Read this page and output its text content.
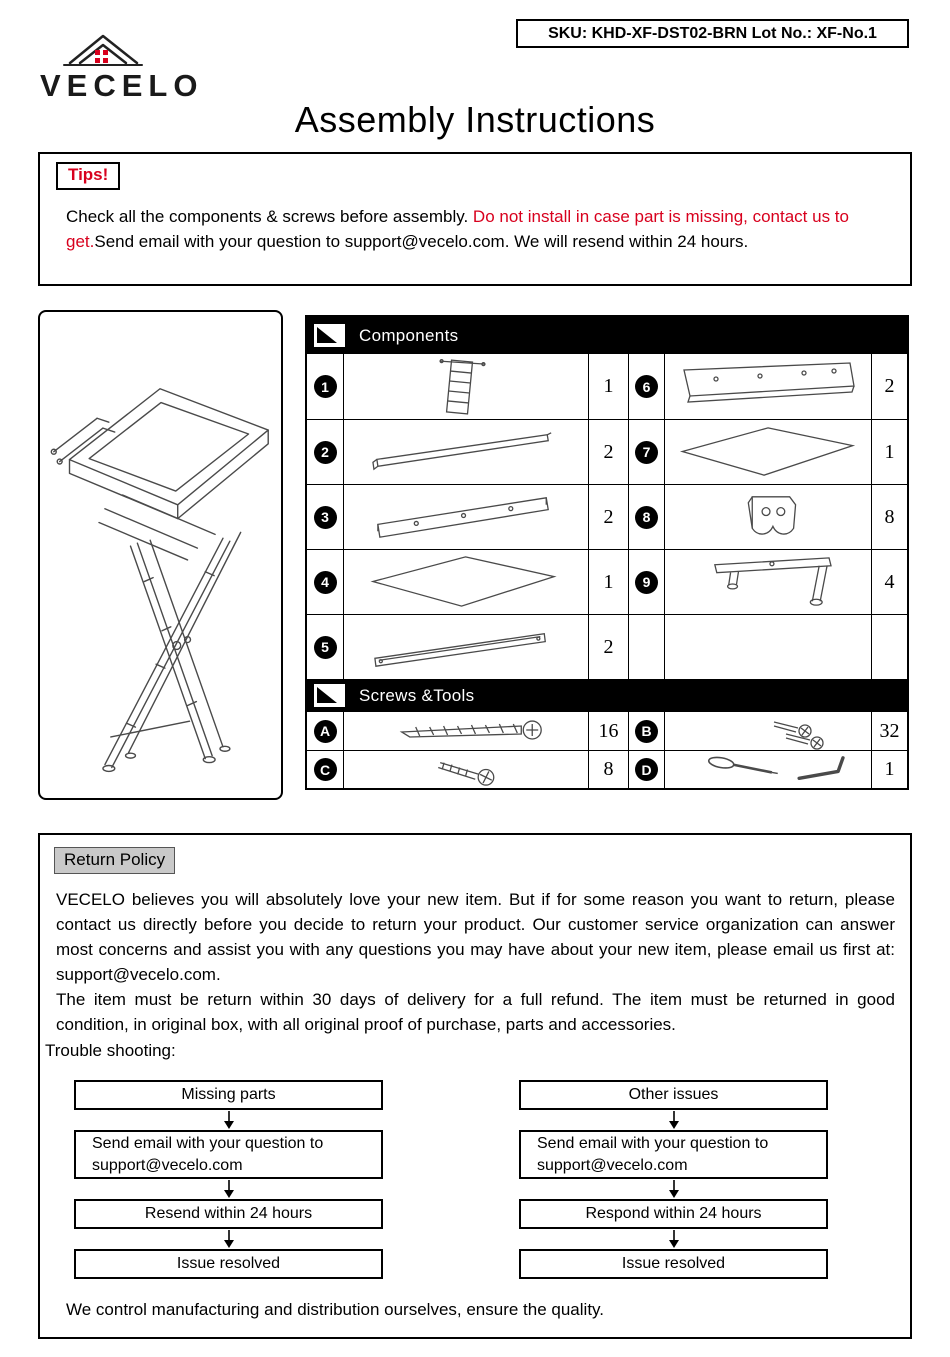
SKU: KHD-XF-DST02-BRN Lot No.: XF-No.1
VECELO
Assembly Instructions
Tips!
Check all the components & screws before assembly. Do not install in case part is missing, contact us to get.Send email with your question to support@vecelo.com. We will resend within 24 hours.
Components
1	1	6	2
2	2	7	1
3	2	8	8
4	1	9	4
5	2
Screws &Tools
A	16	B	32
C	8	D	1
Return Policy

VECELO believes you will absolutely love your new item. But if for some reason you want to return, please contact us directly before you decide to return your product. Our customer service organization can answer most concerns and assist you with any questions you may have about your new item, please email us first at: support@vecelo.com.

The item must be return within 30 days of delivery for a full refund. The item must be returned in good condition, in original box, with all original proof of purchase, parts and accessories.

Trouble shooting:
Missing parts
Send email with your question to support@vecelo.com
Resend within 24 hours
Issue resolved
Other issues
Send email with your question to support@vecelo.com
Respond within 24 hours
Issue resolved
We control manufacturing and distribution ourselves, ensure the quality.
